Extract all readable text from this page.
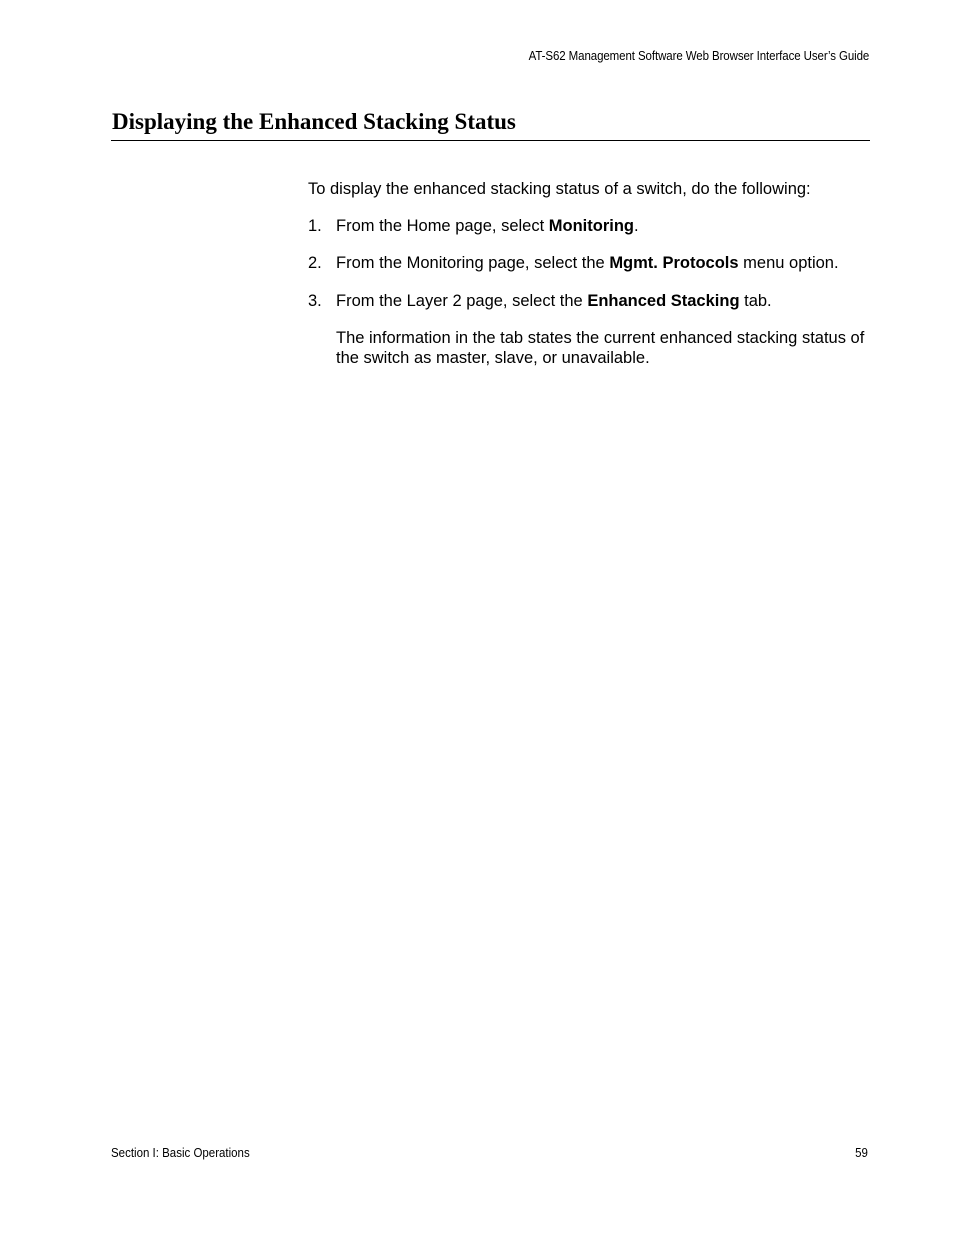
AT-S62 Management Software Web Browser Interface User’s Guide
Displaying the Enhanced Stacking Status
To display the enhanced stacking status of a switch, do the following:
1. From the Home page, select Monitoring.
2. From the Monitoring page, select the Mgmt. Protocols menu option.
3. From the Layer 2 page, select the Enhanced Stacking tab.
The information in the tab states the current enhanced stacking status of the switch as master, slave, or unavailable.
Section I: Basic Operations	59
